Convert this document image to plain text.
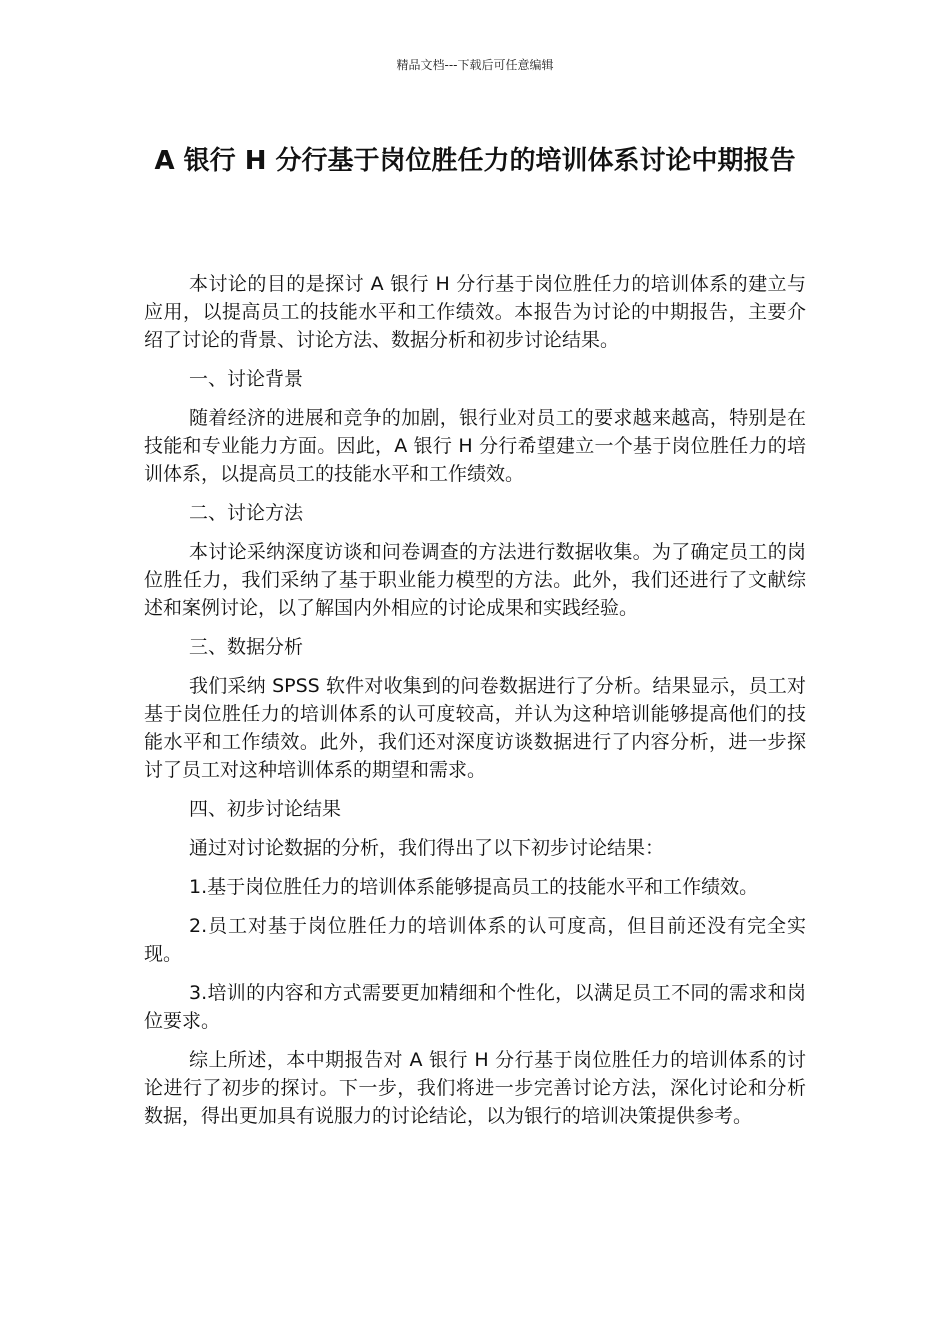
精品文档---下载后可任意编辑
A 银行 H 分行基于岗位胜任力的培训体系讨论中期报告

本讨论的目的是探讨 A 银行 H 分行基于岗位胜任力的培训体系的建立与应用，以提高员工的技能水平和工作绩效。本报告为讨论的中期报告，主要介绍了讨论的背景、讨论方法、数据分析和初步讨论结果。

一、讨论背景

随着经济的进展和竞争的加剧，银行业对员工的要求越来越高，特别是在技能和专业能力方面。因此，A 银行 H 分行希望建立一个基于岗位胜任力的培训体系，以提高员工的技能水平和工作绩效。

二、讨论方法

本讨论采纳深度访谈和问卷调查的方法进行数据收集。为了确定员工的岗位胜任力，我们采纳了基于职业能力模型的方法。此外，我们还进行了文献综述和案例讨论，以了解国内外相应的讨论成果和实践经验。

三、数据分析

我们采纳 SPSS 软件对收集到的问卷数据进行了分析。结果显示，员工对基于岗位胜任力的培训体系的认可度较高，并认为这种培训能够提高他们的技能水平和工作绩效。此外，我们还对深度访谈数据进行了内容分析，进一步探讨了员工对这种培训体系的期望和需求。

四、初步讨论结果

通过对讨论数据的分析，我们得出了以下初步讨论结果：

1.基于岗位胜任力的培训体系能够提高员工的技能水平和工作绩效。

2.员工对基于岗位胜任力的培训体系的认可度高，但目前还没有完全实现。

3.培训的内容和方式需要更加精细和个性化，以满足员工不同的需求和岗位要求。

综上所述，本中期报告对 A 银行 H 分行基于岗位胜任力的培训体系的讨论进行了初步的探讨。下一步，我们将进一步完善讨论方法，深化讨论和分析数据，得出更加具有说服力的讨论结论，以为银行的培训决策提供参考。
